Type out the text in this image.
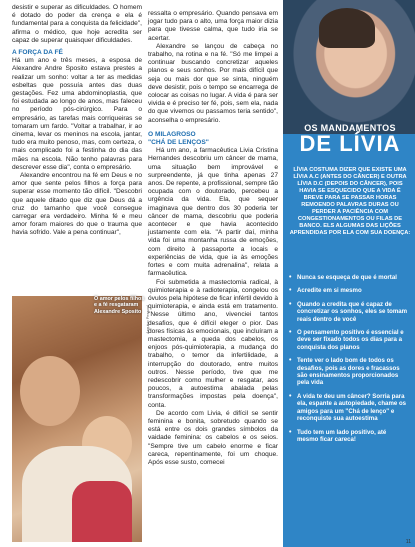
desistir e superar as dificuldades. O homem é dotado do poder da crença e ela é fundamental para a conquista da felicidade", afirma o médico, que hoje acredita ser capaz de superar quaisquer dificuldades.

A FORÇA DA FÉ

Há um ano e três meses, a esposa de Alexandre Andre Sposito estava prestes a realizar um sonho: voltar a ter as medidas esbeltas que possuía antes das duas gestações. Fez uma abdominoplastia, que foi estudada ao longo de anos, mas faleceu no período pós-cirúrgico. Para o empresário, as tarefas mais corriqueiras se tomaram um fardo. "Voltar a trabalhar, ir ao cinema, levar os meninos na escola, jantar, tudo era muito penoso, mas, com certeza, o mais complicado foi a festinha do dia das mães na escola. Não tenho palavras para descrever esse dia", conta o empresário.

Alexandre encontrou na fé em Deus e no amor que sente pelos filhos a força para superar esse momento tão difícil. "Descobri que aquele ditado que diz que Deus dá a cruz do tamanho que você consegue carregar era verdadeiro. Minha fé e meu amor foram maiores do que o trauma que havia sofrido. Vale a pena continuar",

ressalta o empresário. Quando pensava em jogar tudo para o alto, uma força maior dizia para que tivesse calma, que tudo iria se acertar.

Alexandre se lançou de cabeça no trabalho, na rotina e na fé. "Só me limpei a continuar buscando concretizar aqueles planos e seus sonhos. Por mais difícil que seja ou mais dor que se sinta, ninguém deve desistir, pois o tempo se encarrega de colocar as coisas no lugar. A vida é para ser vivida e é preciso ter fé, pois, sem ela, nada do que vivemos ou passamos teria sentido", aconselha o empresário.

O MILAGROSO

"CHÁ DE LENÇOS"

Há um ano, a farmacêutica Livia Cristina Hernandes descobriu um câncer de mama, uma situação bem improvável e surpreendente, já que tinha apenas 27 anos. De repente, a profissional, sempre tão ocupada com o doutorado, percebeu a urgência da vida. Ela, que sequer imaginava que dentro dos 30 poderia ter câncer de mama, descobriu que poderia acontecer e que havia acontecido justamente com ela. "A partir daí, minha vida foi uma montanha russa de emoções, com direito à passaporte a locais e experiências de vida, que ia às emoções fortes e com muita adrenalina", relata a farmacêutica.

Foi submetida a mastectomia radical, à quimioterapia e à radioterapia, congelou os óvulos pela hipótese de ficar infértil devido à quimioterapia, e ainda está em tratamento. "Nesse último ano, vivenciei tantos desafios, que é difícil eleger o pior. Das dores físicas às emocionais, que incluíram a mastectomia, a queda dos cabelos, os enjoos pós-quimioterapia, a mudança do trabalho, o temor da infertilidade, a interrupção do doutorado, entre muitos outros. Nesse período, tive que me redescobrir como mulher e resgatar, aos poucos, a autoestima abalada pelas transformações impostas pela doença", conta.

De acordo com Livia, é difícil se sentir feminina e bonita, sobretudo quando se está entre os dois grandes símbolos da vaidade feminina: os cabelos e os seios. "Sempre tive um cabelo enorme e ficar careca, repentinamente, foi um choque. Após esse susto, comecei

O amor pelos filhos e a fé resgataram Alexandre Sposito Arquivo Pessoal
OS MANDAMENTOS
DE LÍVIA
LÍVIA COSTUMA DIZER QUE EXISTE UMA LÍVIA A.C (ANTES DO CÂNCER) E OUTRA LÍVIA D.C (DEPOIS DO CÂNCER), POIS HAVIA SE ESQUECIDO QUE A VIDA É BREVE PARA SE PASSAR HORAS REMOENDO PALAVRAS DURAS OU PERDER A PACIÊNCIA COM CONGESTIONAMENTOS OU FILAS DE BANCO. ELS ALGUMAS DAS LIÇÕES APRENDIDAS POR ELA COM SUA DOENÇA:
• Nunca se esqueça de que é mortal
• Acredite em si mesmo
• Quando a credita que é capaz de concretizar os sonhos, eles se tomam reais dentro de você
• O pensamento positivo é essencial e deve ser fixado todos os dias para a conquista dos planos
• Tente ver o lado bom de todos os desafios, pois as dores e fracassos são ensinamentos proporcionados pela vida
• A vida te deu um câncer? Sorria para ela, espante a autopiedade, chame os amigos para um "Chá de lenço" e reconquiste sua autoestima
• Tudo tem um lado positivo, até mesmo ficar careca!
11
